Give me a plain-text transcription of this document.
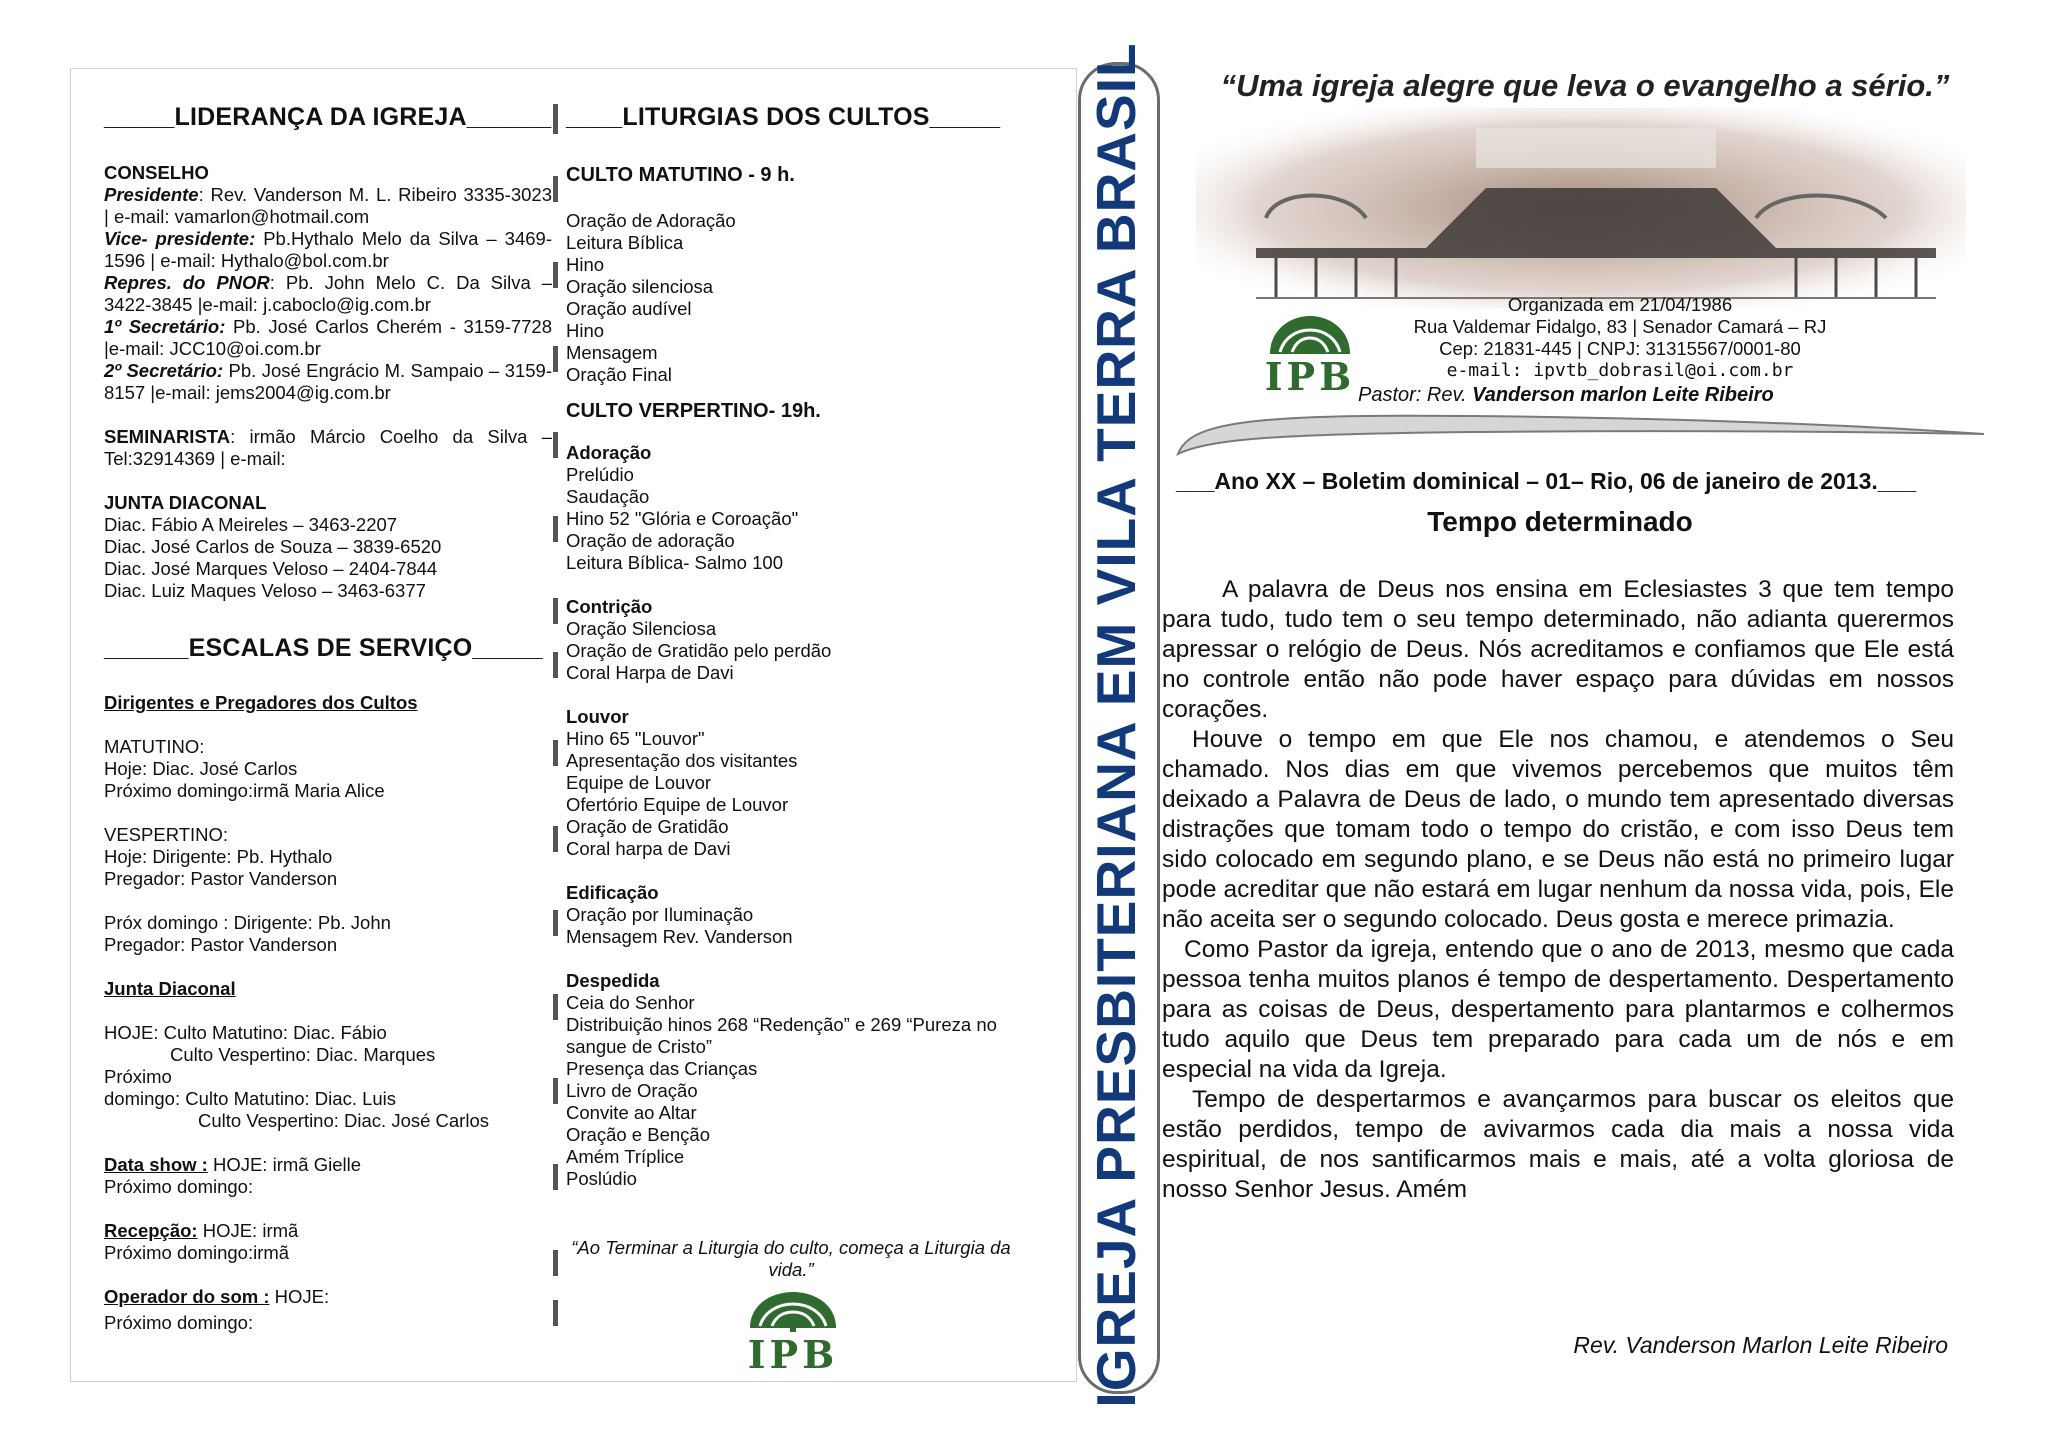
_____LIDERANÇA DA IGREJA______

CONSELHO

Presidente: Rev. Vanderson M. L. Ribeiro 3335-3023 | e-mail: vamarlon@hotmail.com

Vice- presidente: Pb.Hythalo Melo da Silva – 3469-1596 | e-mail: Hythalo@bol.com.br

Repres. do PNOR: Pb. John Melo C. Da Silva – 3422-3845 |e-mail: j.caboclo@ig.com.br

1º Secretário: Pb. José Carlos Cherém - 3159-7728 |e-mail: JCC10@oi.com.br

2º Secretário: Pb. José Engrácio M. Sampaio – 3159-8157 |e-mail: jems2004@ig.com.br

SEMINARISTA: irmão Márcio Coelho da Silva – Tel:32914369 | e-mail:

JUNTA DIACONAL

Diac. Fábio A Meireles – 3463-2207

Diac. José Carlos de Souza – 3839-6520

Diac. José Marques Veloso – 2404-7844

Diac. Luiz Maques Veloso – 3463-6377

______ESCALAS DE SERVIÇO_____

Dirigentes e Pregadores dos Cultos

MATUTINO:

Hoje: Diac. José Carlos

Próximo domingo:irmã Maria Alice

VESPERTINO:

Hoje: Dirigente: Pb. Hythalo

Pregador: Pastor Vanderson

Próx domingo : Dirigente: Pb. John

Pregador: Pastor Vanderson

Junta Diaconal

HOJE: Culto Matutino: Diac. Fábio

Culto Vespertino: Diac. Marques

Próximo

domingo: Culto Matutino: Diac. Luis

Culto Vespertino: Diac. José Carlos

Data show : HOJE: irmã Gielle

Próximo domingo:

Recepção: HOJE: irmã

Próximo domingo:irmã

Operador do som : HOJE:

Próximo domingo:

____LITURGIAS DOS CULTOS_____

CULTO MATUTINO - 9 h.

Oração de Adoração

Leitura Bíblica

Hino

Oração silenciosa

Oração audível

Hino

Mensagem

Oração Final

CULTO VERPERTINO- 19h.

Adoração

Prelúdio

Saudação

Hino 52 "Glória e Coroação"

Oração de adoração

Leitura Bíblica- Salmo 100

Contrição

Oração Silenciosa

Oração de Gratidão pelo perdão

Coral Harpa de Davi

Louvor

Hino 65 "Louvor"

Apresentação dos visitantes

Equipe de Louvor

Ofertório Equipe de Louvor

Oração de Gratidão

Coral harpa de Davi

Edificação

Oração por Iluminação

Mensagem Rev. Vanderson

Despedida

Ceia do Senhor

Distribuição hinos 268 “Redenção” e 269 “Pureza no sangue de Cristo”

Presença das Crianças

Livro de Oração

Convite ao Altar

Oração e Benção

Amém Tríplice

Poslúdio

“Ao Terminar a Liturgia do culto, começa a Liturgia da vida.”
IPB	IGREJA PRESBITERIANA EM VILA TERRA BRASIL	“Uma igreja alegre que leva o evangelho a sério.”
Organizada em 21/04/1986
Rua Valdemar Fidalgo, 83 | Senador Camará – RJ
Cep: 21831-445 | CNPJ: 31315567/0001-80
e-mail: ipvtb_dobrasil@oi.com.br
Pastor: Rev. Vanderson marlon Leite Ribeiro
IPB
___Ano XX – Boletim dominical – 01– Rio, 06 de janeiro de 2013.___
Tempo determinado

A palavra de Deus nos ensina em Eclesiastes 3 que tem tempo para tudo, tudo tem o seu tempo determinado, não adianta querermos apressar o relógio de Deus. Nós acreditamos e confiamos que Ele está no controle então não pode haver espaço para dúvidas em nossos corações.

Houve o tempo em que Ele nos chamou, e atendemos o Seu chamado. Nos dias em que vivemos percebemos que muitos têm deixado a Palavra de Deus de lado, o mundo tem apresentado diversas distrações que tomam todo o tempo do cristão, e com isso Deus tem sido colocado em segundo plano, e se Deus não está no primeiro lugar pode acreditar que não estará em lugar nenhum da nossa vida, pois, Ele não aceita ser o segundo colocado. Deus gosta e merece primazia.

Como Pastor da igreja, entendo que o ano de 2013, mesmo que cada pessoa tenha muitos planos é tempo de despertamento. Despertamento para as coisas de Deus, despertamento para plantarmos e colhermos tudo aquilo que Deus tem preparado para cada um de nós e em especial na vida da Igreja.

Tempo de despertarmos e avançarmos para buscar os eleitos que estão perdidos, tempo de avivarmos cada dia mais a nossa vida espiritual, de nos santificarmos mais e mais, até a volta gloriosa de nosso Senhor Jesus. Amém

Rev. Vanderson Marlon Leite Ribeiro
